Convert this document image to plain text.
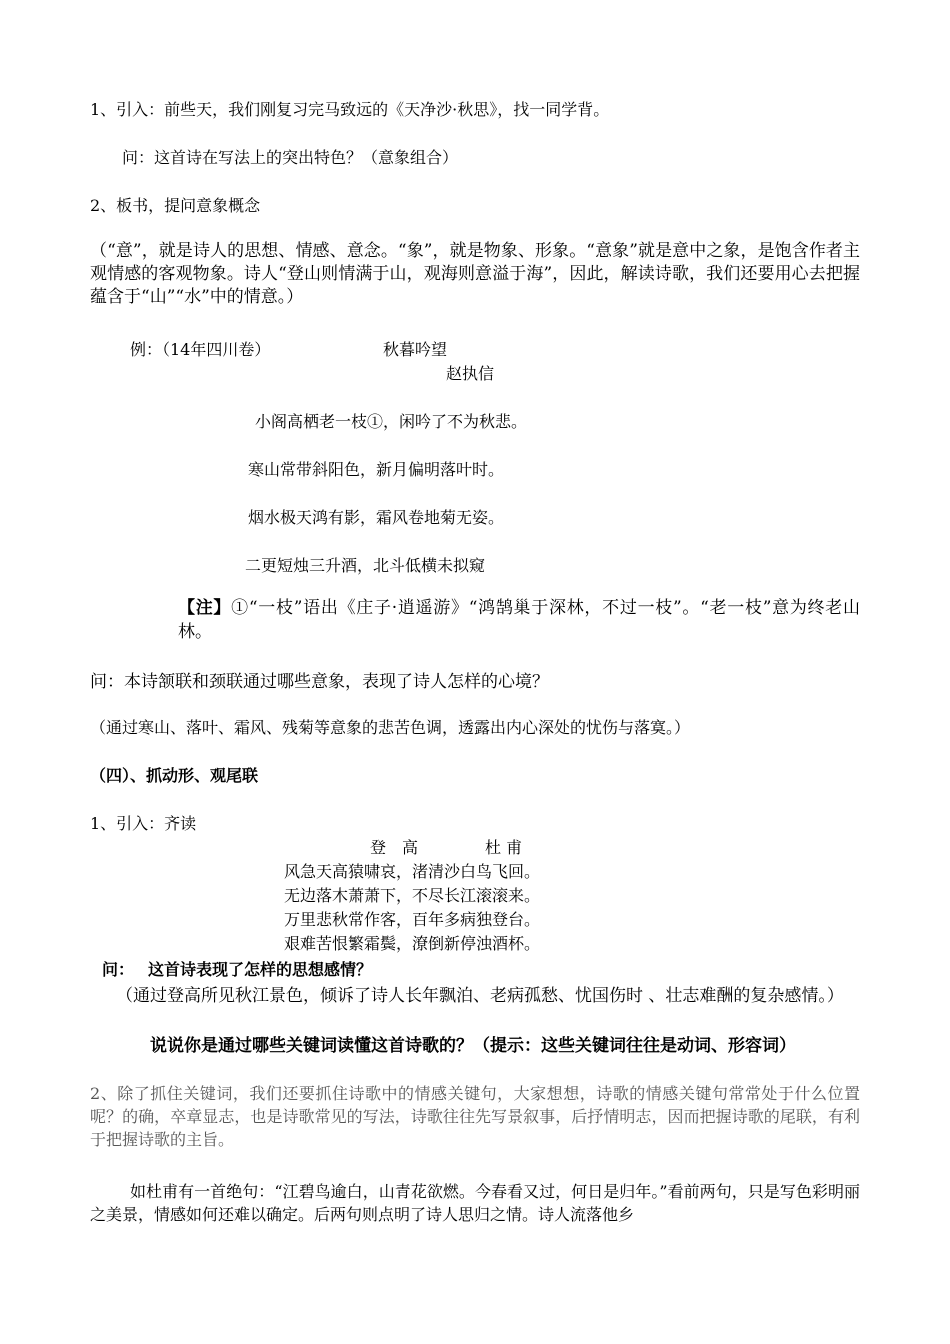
1、引入：前些天，我们刚复习完马致远的《天净沙·秋思》，找一同学背。
问：这首诗在写法上的突出特色？（意象组合）
2、板书，提问意象概念
（“意”，就是诗人的思想、情感、意念。“象”，就是物象、形象。“意象”就是意中之象，是饱含作者主观情感的客观物象。诗人“登山则情满于山，观海则意溢于海”，因此，解读诗歌，我们还要用心去把握蕴含于“山”“水”中的情意。）
例：（14年四川卷）	秋暮吟望
赵执信
小阁高栖老一枝①，闲吟了不为秋悲。
寒山常带斜阳色，新月偏明落叶时。
烟水极天鸿有影，霜风卷地菊无姿。
二更短烛三升酒，北斗低横未拟窥
【注】①“一枝”语出《庄子·逍遥游》“鸿鹄巢于深林，不过一枝”。“老一枝”意为终老山林。
问：本诗颔联和颈联通过哪些意象，表现了诗人怎样的心境？
（通过寒山、落叶、霜风、残菊等意象的悲苦色调，透露出内心深处的忧伤与落寞。）
（四）、抓动形、观尾联
1、引入：齐读
登　高	杜 甫
风急天高猿啸哀，渚清沙白鸟飞回。
无边落木萧萧下，不尽长江滚滚来。
万里悲秋常作客，百年多病独登台。
艰难苦恨繁霜鬓，潦倒新停浊酒杯。
问： 这首诗表现了怎样的思想感情？
（通过登高所见秋江景色，倾诉了诗人长年飘泊、老病孤愁、忧国伤时 、壮志难酬的复杂感情。）
说说你是通过哪些关键词读懂这首诗歌的？（提示：这些关键词往往是动词、形容词）
2、除了抓住关键词，我们还要抓住诗歌中的情感关键句，大家想想，诗歌的情感关键句常常处于什么位置呢？的确，卒章显志，也是诗歌常见的写法，诗歌往往先写景叙事，后抒情明志，因而把握诗歌的尾联，有利于把握诗歌的主旨。
如杜甫有一首绝句：“江碧鸟逾白，山青花欲燃。今春看又过，何日是归年。”看前两句，只是写色彩明丽之美景，情感如何还难以确定。后两句则点明了诗人思归之情。诗人流落他乡
